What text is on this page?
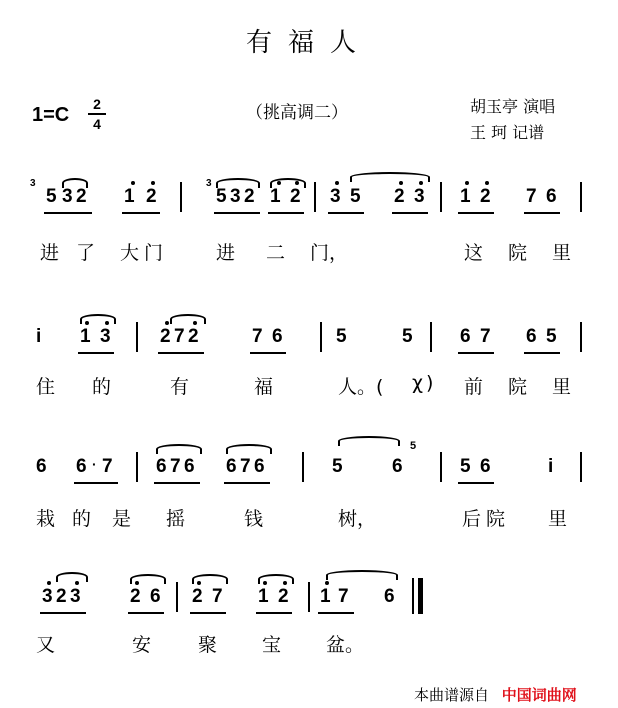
有福人
1=C	2
4
（挑高调二）	胡玉亭 演唱
王 珂 记谱
3
5 3 2 1 2
3
5 3 2 1 2 3 5 2 3 1 2 7 6
进 了 大 门	进 二 门，	这 院 里
i 1 3	2 7 2	7 6	5	5 6 7 6 5
住 的	有	福	人。( χ ) 前 院 里
6 6 · 7 6 7 6 6 7 6	5	6
5
5 6	i
栽 的 是 摇	钱	树，	后 院 里
3 2 3	2 6 2 7 1 2 1 7 6
又	安 聚 宝 盆。
本曲谱源自 中国词曲网
